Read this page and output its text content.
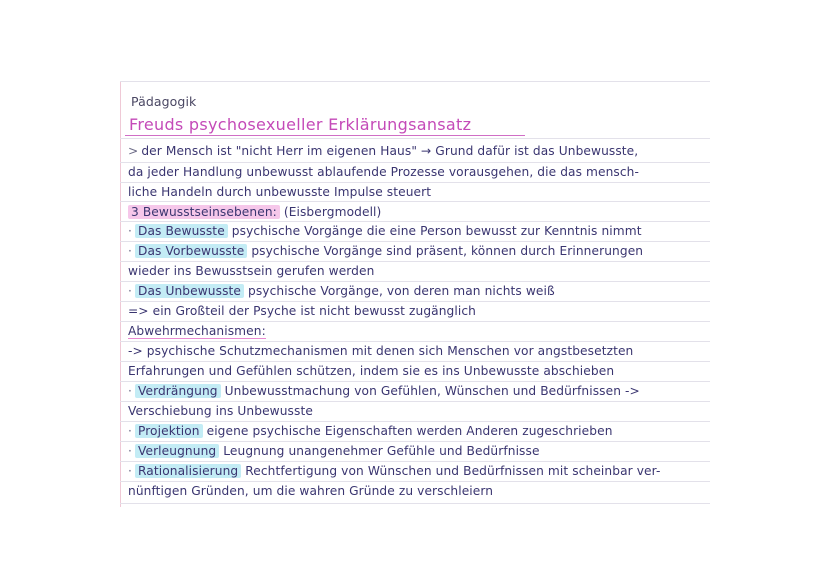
Pädagogik
Freuds psychosexueller Erklärungsansatz
> der Mensch ist "nicht Herr im eigenen Haus" → Grund dafür ist das Unbewusste,
da jeder Handlung unbewusst ablaufende Prozesse vorausgehen, die das mensch-
liche Handeln durch unbewusste Impulse steuert
3 Bewusstseinsebenen: (Eisbergmodell)
· Das Bewusste psychische Vorgänge die eine Person bewusst zur Kenntnis nimmt
· Das Vorbewusste psychische Vorgänge sind präsent, können durch Erinnerungen
wieder ins Bewusstsein gerufen werden
· Das Unbewusste psychische Vorgänge, von deren man nichts weiß
=> ein Großteil der Psyche ist nicht bewusst zugänglich
Abwehrmechanismen:
-> psychische Schutzmechanismen mit denen sich Menschen vor angstbesetzten
Erfahrungen und Gefühlen schützen, indem sie es ins Unbewusste abschieben
· Verdrängung Unbewusstmachung von Gefühlen, Wünschen und Bedürfnissen ->
Verschiebung ins Unbewusste
· Projektion eigene psychische Eigenschaften werden Anderen zugeschrieben
· Verleugnung Leugnung unangenehmer Gefühle und Bedürfnisse
· Rationalisierung Rechtfertigung von Wünschen und Bedürfnissen mit scheinbar ver-
nünftigen Gründen, um die wahren Gründe zu verschleiern
